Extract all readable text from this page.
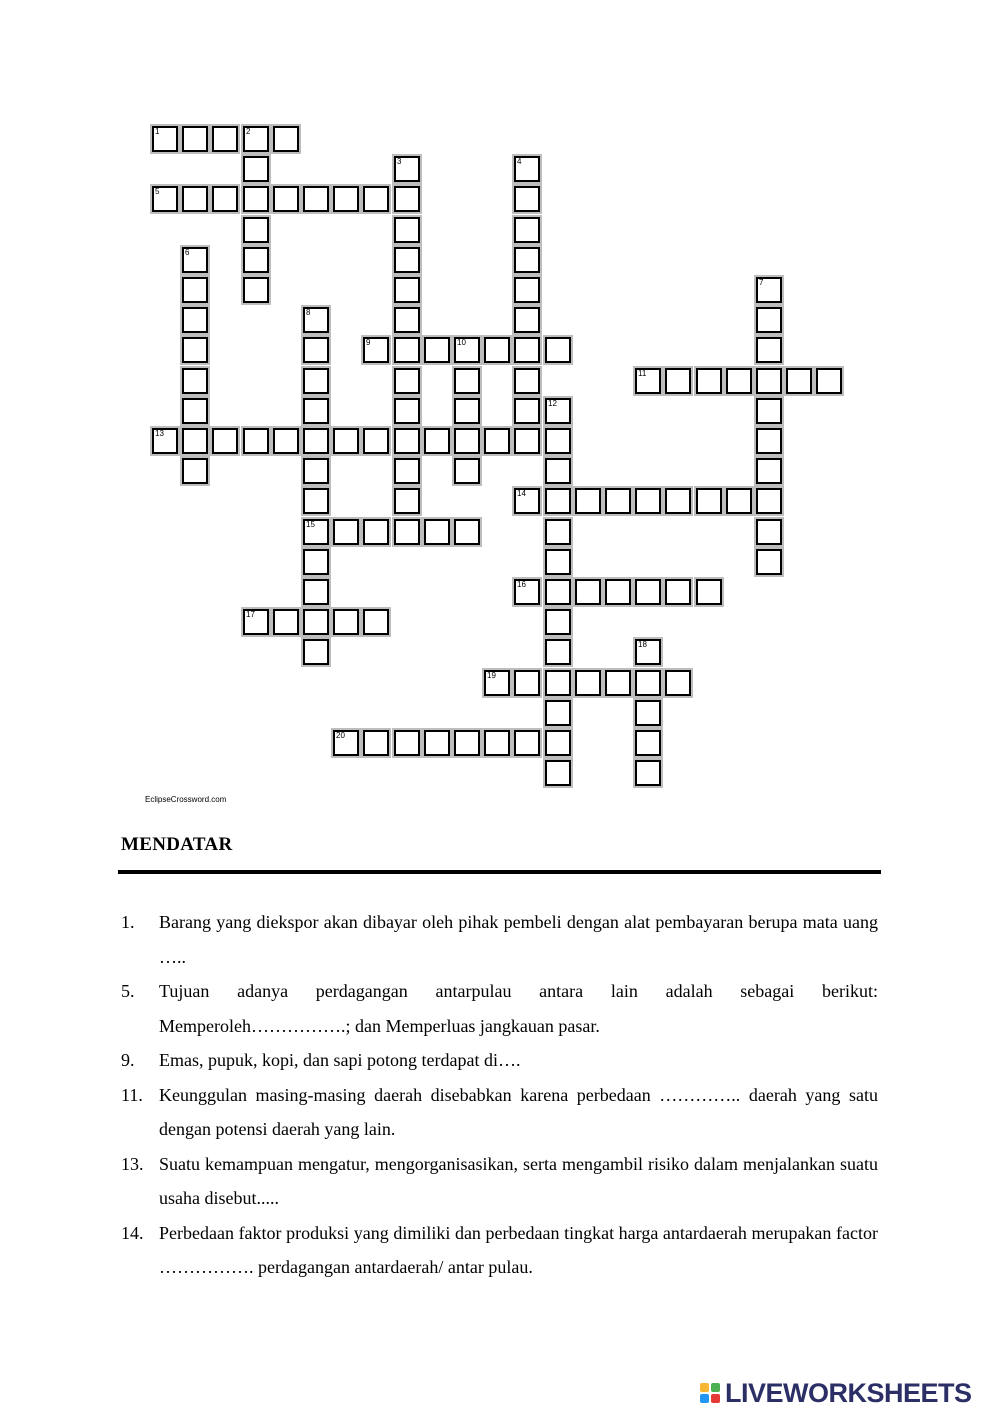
1	2
3	4
5
6
7
8
15
9	10
11
12
13
14
16
17
18
19
20
EclipseCrossword.com
MENDATAR
1. Barang yang diekspor akan dibayar oleh pihak pembeli dengan alat pembayaran berupa mata uang …..
5. Tujuan adanya perdagangan antarpulau antara lain adalah sebagai berikut: Memperoleh…………….; dan Memperluas jangkauan pasar.
9. Emas, pupuk, kopi, dan sapi potong terdapat di….
11. Keunggulan masing-masing daerah disebabkan karena perbedaan ………….. daerah yang satu dengan potensi daerah yang lain.
13. Suatu kemampuan mengatur, mengorganisasikan, serta mengambil risiko dalam menjalankan suatu usaha disebut.....
14. Perbedaan faktor produksi yang dimiliki dan perbedaan tingkat harga antardaerah merupakan factor ……………. perdagangan antardaerah/ antar pulau.
LIVEWORKSHEETS
